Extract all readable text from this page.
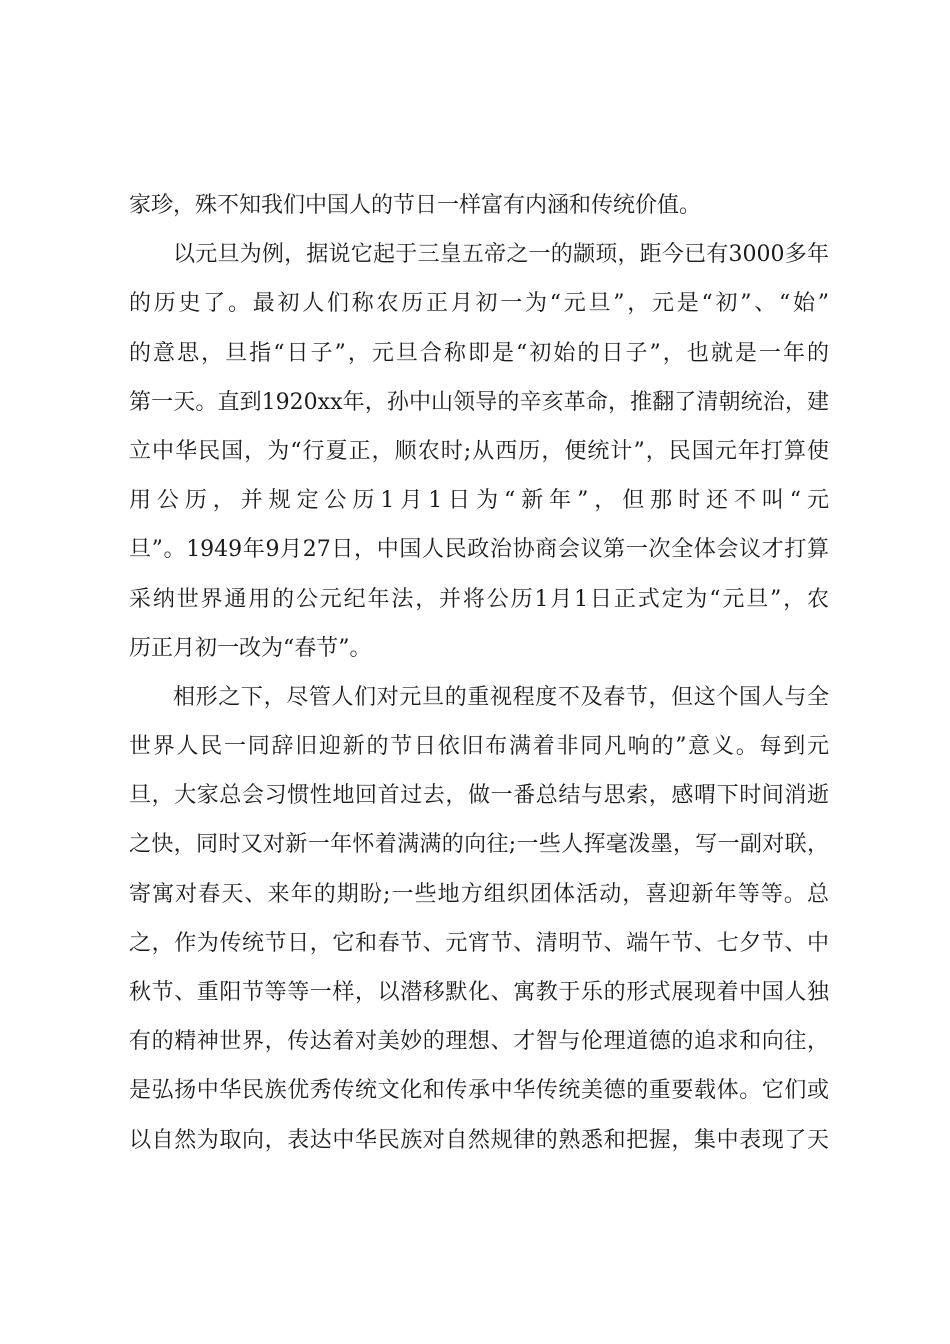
家珍，殊不知我们中国人的节日一样富有内涵和传统价值。
以元旦为例，据说它起于三皇五帝之一的颛顼，距今已有3000多年
的历史了。最初人们称农历正月初一为“元旦”，元是“初”、“始”
的意思，旦指“日子”，元旦合称即是“初始的日子”，也就是一年的
第一天。直到1920xx年，孙中山领导的辛亥革命，推翻了清朝统治，建
立中华民国，为“行夏正，顺农时;从西历，便统计”，民国元年打算使
用公历，并规定公历1月1日为“新年”，但那时还不叫“元
旦”。1949年9月27日，中国人民政治协商会议第一次全体会议才打算
采纳世界通用的公元纪年法，并将公历1月1日正式定为“元旦”，农
历正月初一改为“春节”。
相形之下，尽管人们对元旦的重视程度不及春节，但这个国人与全
世界人民一同辞旧迎新的节日依旧布满着非同凡响的”意义。每到元
旦，大家总会习惯性地回首过去，做一番总结与思索，感喟下时间消逝
之快，同时又对新一年怀着满满的向往;一些人挥毫泼墨，写一副对联，
寄寓对春天、来年的期盼;一些地方组织团体活动，喜迎新年等等。总
之，作为传统节日，它和春节、元宵节、清明节、端午节、七夕节、中
秋节、重阳节等等一样，以潜移默化、寓教于乐的形式展现着中国人独
有的精神世界，传达着对美妙的理想、才智与伦理道德的追求和向往，
是弘扬中华民族优秀传统文化和传承中华传统美德的重要载体。它们或
以自然为取向，表达中华民族对自然规律的熟悉和把握，集中表现了天
